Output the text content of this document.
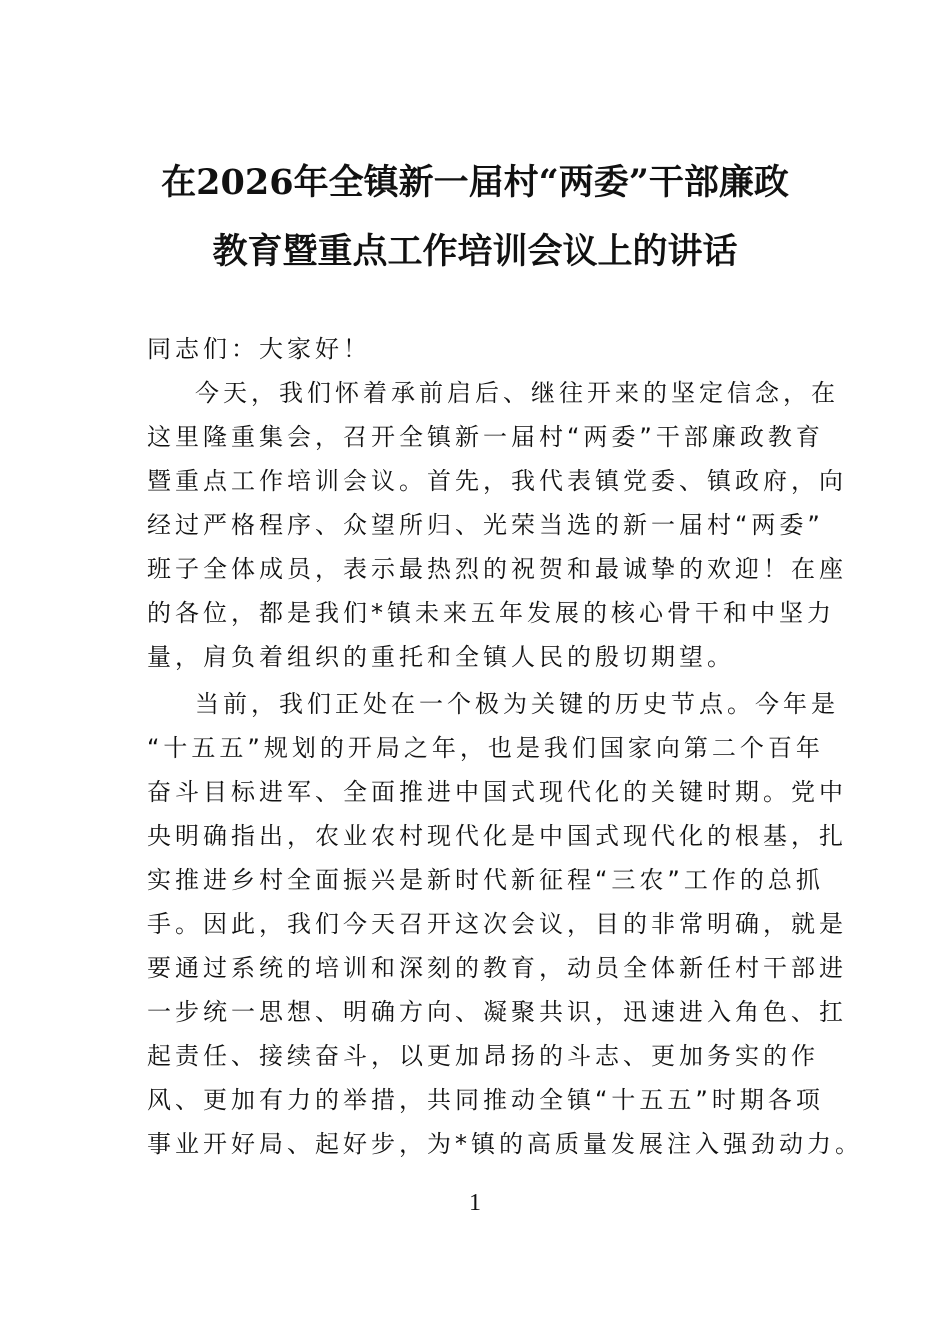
在2026年全镇新一届村“两委”干部廉政
教育暨重点工作培训会议上的讲话

同志们：大家好！

今天，我们怀着承前启后、继往开来的坚定信念，在

这里隆重集会，召开全镇新一届村“两委”干部廉政教育

暨重点工作培训会议。首先，我代表镇党委、镇政府，向

经过严格程序、众望所归、光荣当选的新一届村“两委”

班子全体成员，表示最热烈的祝贺和最诚挚的欢迎！在座

的各位，都是我们*镇未来五年发展的核心骨干和中坚力

量，肩负着组织的重托和全镇人民的殷切期望。

当前，我们正处在一个极为关键的历史节点。今年是

“十五五”规划的开局之年，也是我们国家向第二个百年

奋斗目标进军、全面推进中国式现代化的关键时期。党中

央明确指出，农业农村现代化是中国式现代化的根基，扎

实推进乡村全面振兴是新时代新征程“三农”工作的总抓

手。因此，我们今天召开这次会议，目的非常明确，就是

要通过系统的培训和深刻的教育，动员全体新任村干部进

一步统一思想、明确方向、凝聚共识，迅速进入角色、扛

起责任、接续奋斗，以更加昂扬的斗志、更加务实的作

风、更加有力的举措，共同推动全镇“十五五”时期各项

事业开好局、起好步，为*镇的高质量发展注入强劲动力。

1
